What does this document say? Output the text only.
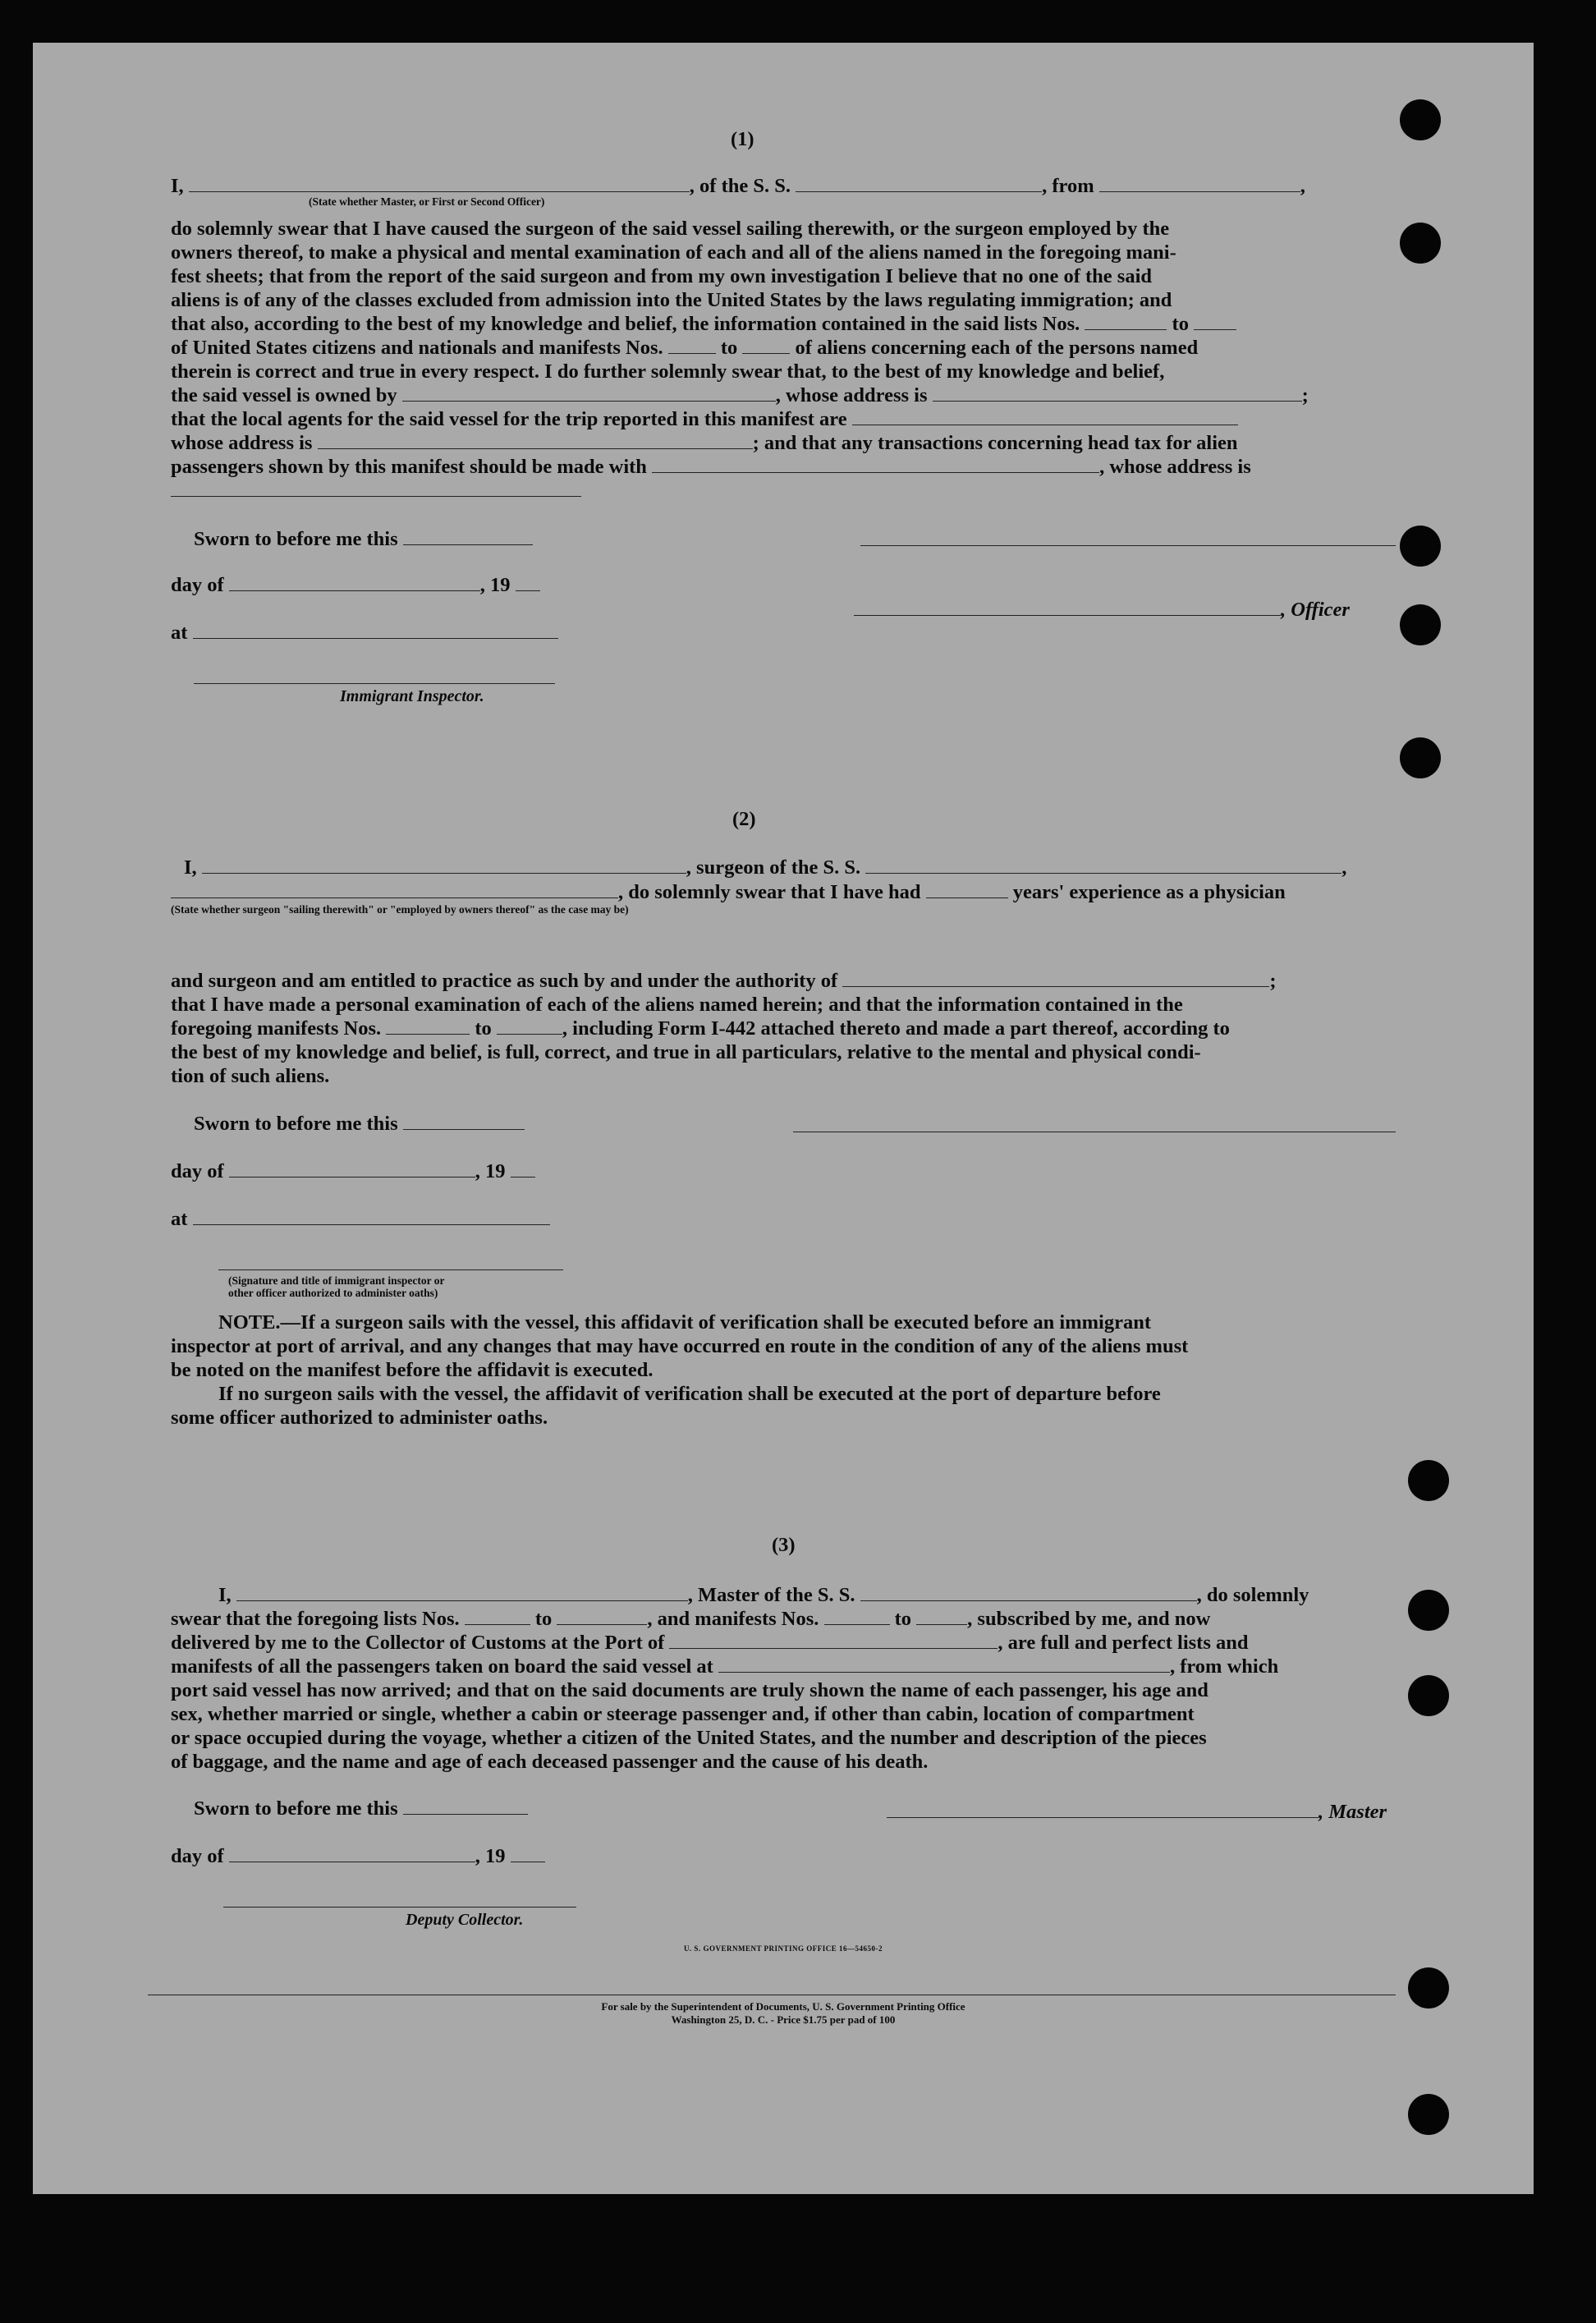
(1)
I,	, of the S. S.	, from	,
(State whether Master, or First or Second Officer)
do solemnly swear that I have caused the surgeon of the said vessel sailing therewith, or the surgeon employed by the
owners thereof, to make a physical and mental examination of each and all of the aliens named in the foregoing mani-
fest sheets; that from the report of the said surgeon and from my own investigation I believe that no one of the said
aliens is of any of the classes excluded from admission into the United States by the laws regulating immigration; and
that also, according to the best of my knowledge and belief, the information contained in the said lists Nos.	to
of United States citizens and nationals and manifests Nos.	to	of aliens concerning each of the persons named
therein is correct and true in every respect. I do further solemnly swear that, to the best of my knowledge and belief,
the said vessel is owned by	, whose address is	;
that the local agents for the said vessel for the trip reported in this manifest are
whose address is	; and that any transactions concerning head tax for alien
passengers shown by this manifest should be made with	, whose address is
Sworn to before me this
day of	, 19
, Officer
at
Immigrant Inspector.
(2)
I,	, surgeon of the S. S.	,
, do solemnly swear that I have had	years' experience as a physician
(State whether surgeon "sailing therewith" or "employed by owners thereof" as the case may be)
and surgeon and am entitled to practice as such by and under the authority of	;
that I have made a personal examination of each of the aliens named herein; and that the information contained in the
foregoing manifests Nos.	to	, including Form I-442 attached thereto and made a part thereof, according to
the best of my knowledge and belief, is full, correct, and true in all particulars, relative to the mental and physical condi-
tion of such aliens.
Sworn to before me this
day of	, 19
at
(Signature and title of immigrant inspector or
other officer authorized to administer oaths)
NOTE.—If a surgeon sails with the vessel, this affidavit of verification shall be executed before an immigrant
inspector at port of arrival, and any changes that may have occurred en route in the condition of any of the aliens must
be noted on the manifest before the affidavit is executed.
If no surgeon sails with the vessel, the affidavit of verification shall be executed at the port of departure before
some officer authorized to administer oaths.
(3)
I,	, Master of the S. S.	, do solemnly
swear that the foregoing lists Nos.	to	, and manifests Nos.	to	, subscribed by me, and now
delivered by me to the Collector of Customs at the Port of	, are full and perfect lists and
manifests of all the passengers taken on board the said vessel at	, from which
port said vessel has now arrived; and that on the said documents are truly shown the name of each passenger, his age and
sex, whether married or single, whether a cabin or steerage passenger and, if other than cabin, location of compartment
or space occupied during the voyage, whether a citizen of the United States, and the number and description of the pieces
of baggage, and the name and age of each deceased passenger and the cause of his death.
Sworn to before me this	, Master
day of	, 19
Deputy Collector.
U. S. GOVERNMENT PRINTING OFFICE 16—54650-2
For sale by the Superintendent of Documents, U. S. Government Printing Office
Washington 25, D. C. - Price $1.75 per pad of 100
